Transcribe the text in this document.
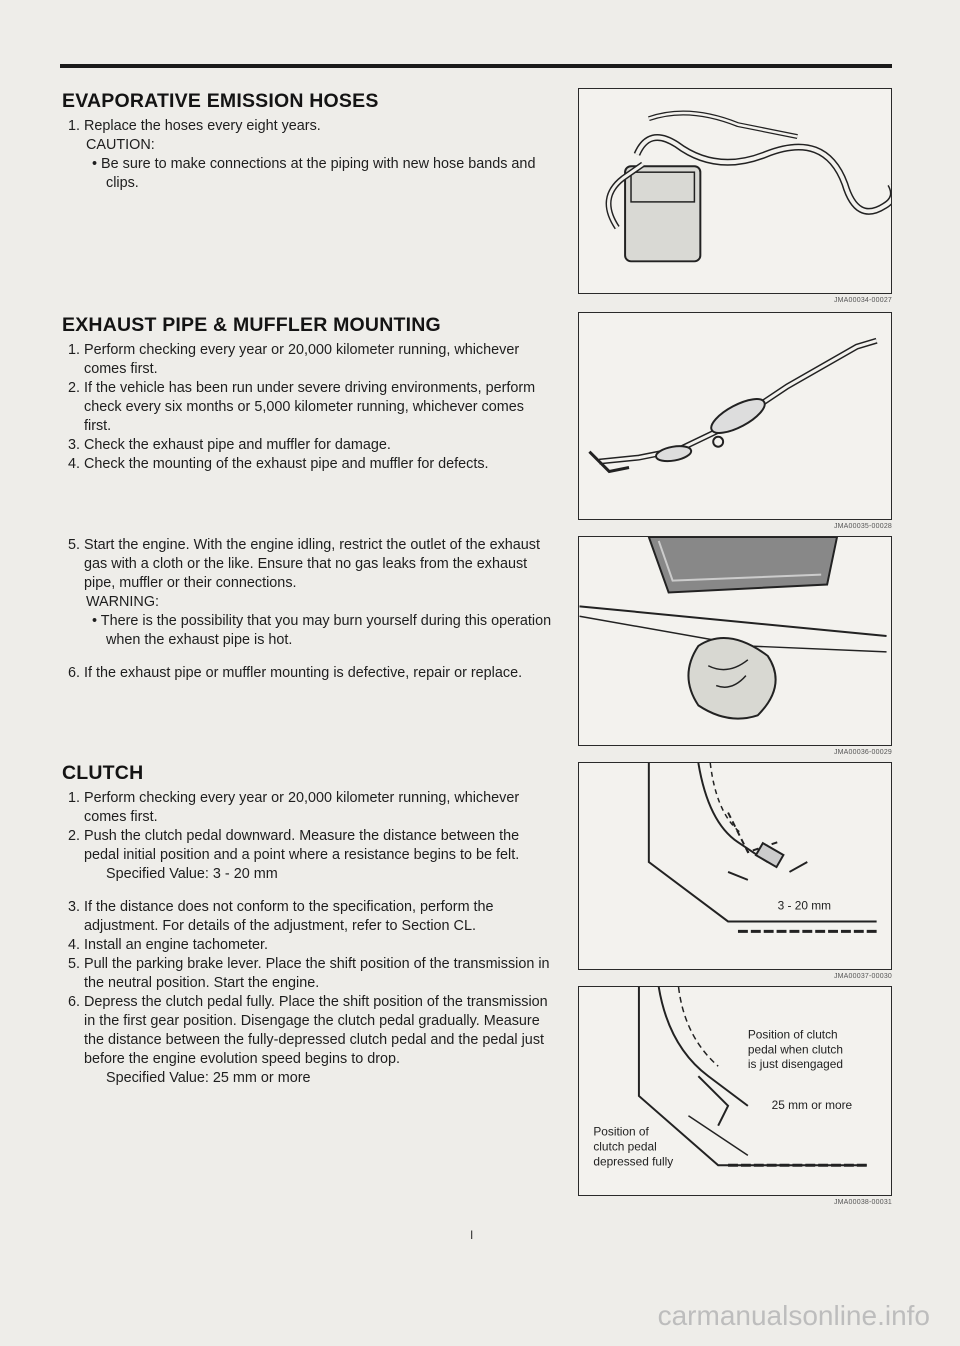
EVAPORATIVE EMISSION HOSES
1. Replace the hoses every eight years.
CAUTION:
• Be sure to make connections at the piping with new hose bands and clips.
EXHAUST PIPE & MUFFLER MOUNTING
1. Perform checking every year or 20,000 kilometer running, whichever comes first.
2. If the vehicle has been run under severe driving environments, perform check every six months or 5,000 kilometer running, whichever comes first.
3. Check the exhaust pipe and muffler for damage.
4. Check the mounting of the exhaust pipe and muffler for defects.
5. Start the engine. With the engine idling, restrict the outlet of the exhaust gas with a cloth or the like. Ensure that no gas leaks from the exhaust pipe, muffler or their connections.
WARNING:
• There is the possibility that you may burn yourself during this operation when the exhaust pipe is hot.
6. If the exhaust pipe or muffler mounting is defective, repair or replace.
CLUTCH
1. Perform checking every year or 20,000 kilometer running, whichever comes first.
2. Push the clutch pedal downward. Measure the distance between the pedal initial position and a point where a resistance begins to be felt.
Specified Value: 3 - 20 mm
3. If the distance does not conform to the specification, perform the adjustment. For details of the adjustment, refer to Section CL.
4. Install an engine tachometer.
5. Pull the parking brake lever. Place the shift position of the transmission in the neutral position. Start the engine.
6. Depress the clutch pedal fully. Place the shift position of the transmission in the first gear position. Disengage the clutch pedal gradually. Measure the distance between the fully-depressed clutch pedal and the pedal just before the engine evolution speed begins to drop.
Specified Value: 25 mm or more
JMA00034-00027
JMA00035-00028
JMA00036-00029
3 - 20 mm
JMA00037-00030
Position of clutch
pedal when clutch
is just disengaged
25 mm or more
Position of
clutch pedal
depressed fully
JMA00038-00031
I
carmanualsonline.info
